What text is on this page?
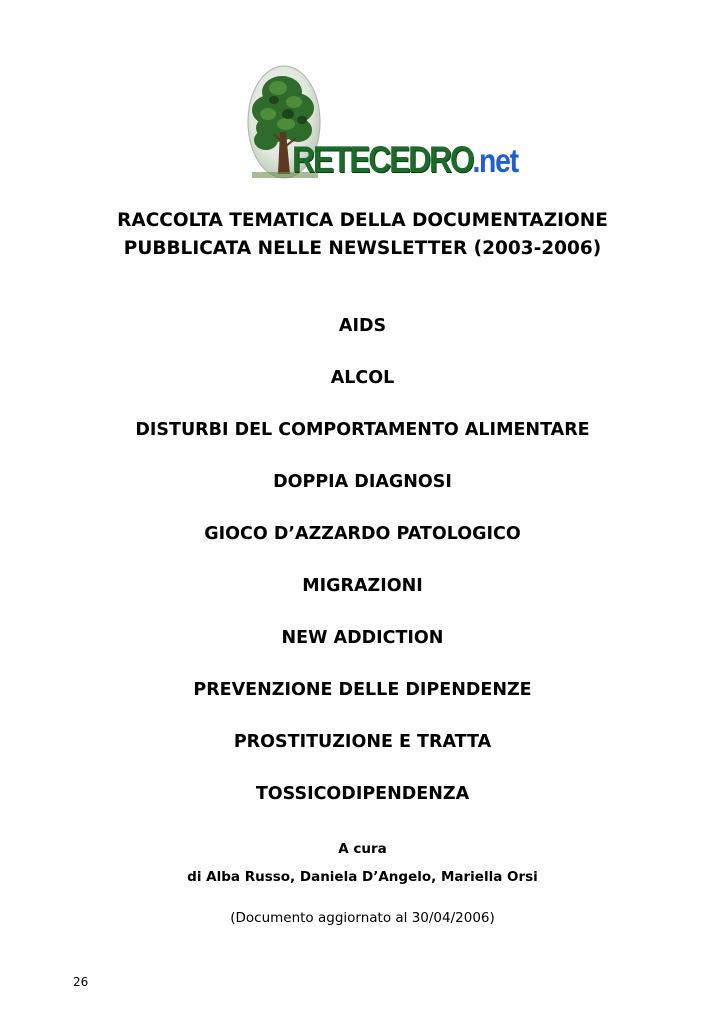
RETECEDRO.net
RACCOLTA TEMATICA DELLA DOCUMENTAZIONE
PUBBLICATA NELLE NEWSLETTER (2003-2006)
AIDS
ALCOL
DISTURBI DEL COMPORTAMENTO ALIMENTARE
DOPPIA DIAGNOSI
GIOCO D’AZZARDO PATOLOGICO
MIGRAZIONI
NEW ADDICTION
PREVENZIONE DELLE DIPENDENZE
PROSTITUZIONE E TRATTA
TOSSICODIPENDENZA
A cura
di Alba Russo, Daniela D’Angelo, Mariella Orsi
(Documento aggiornato al 30/04/2006)
26
